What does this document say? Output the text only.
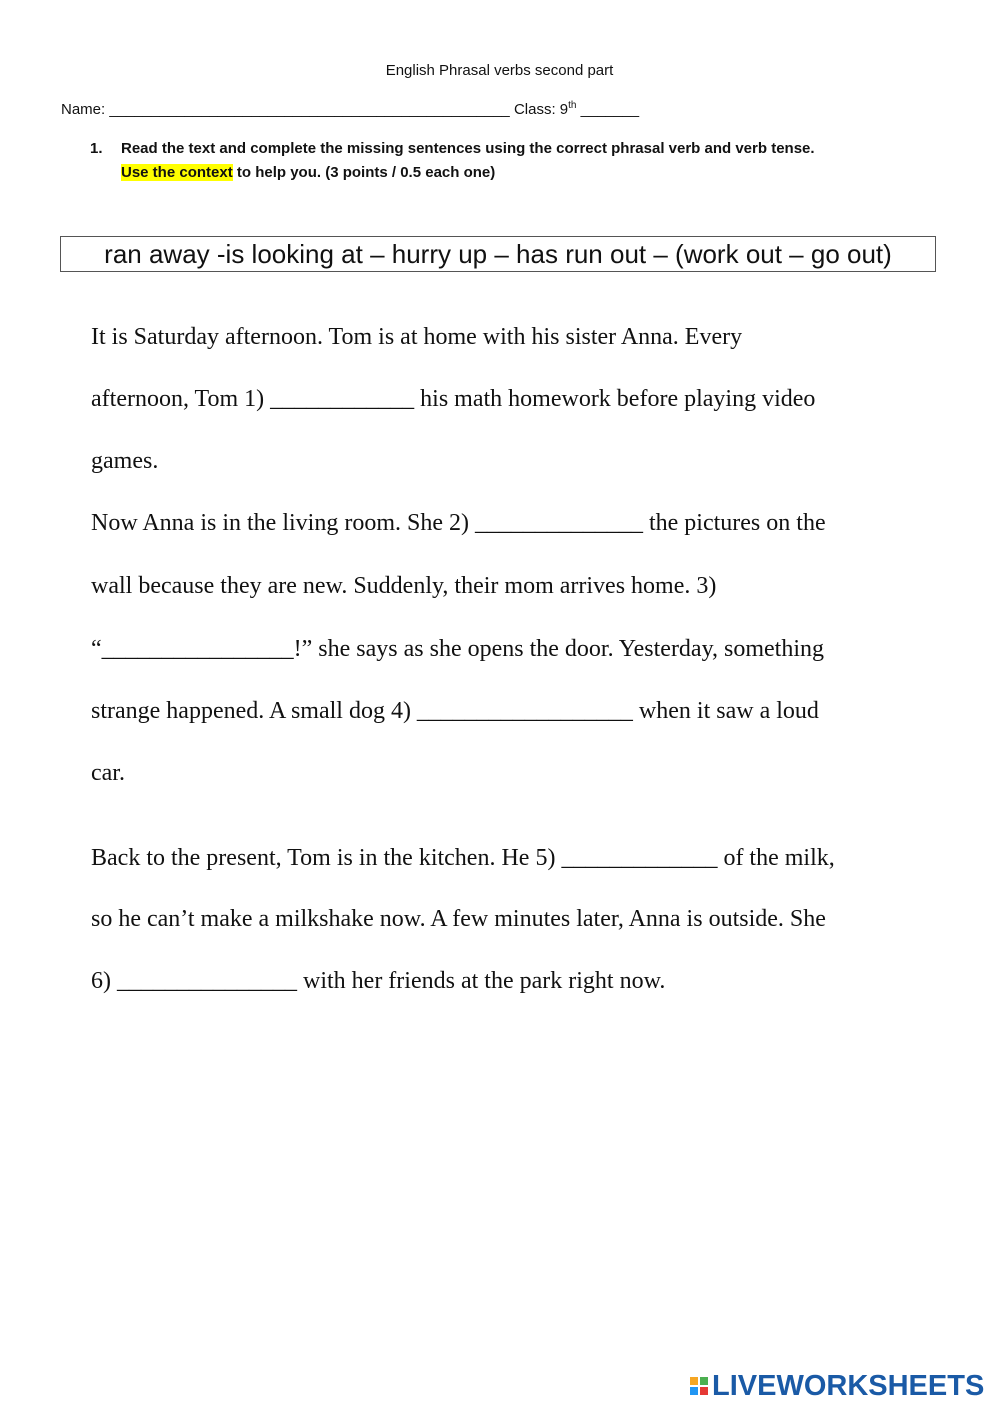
English Phrasal verbs second part
Name: ________________________________________________ Class: 9th _______
1. Read the text and complete the missing sentences using the correct phrasal verb and verb tense.
Use the context to help you. (3 points / 0.5 each one)
ran away -is looking at – hurry up – has run out – (work out – go out)
It is Saturday afternoon. Tom is at home with his sister Anna. Every
afternoon, Tom 1) ____________ his math homework before playing video
games.
Now Anna is in the living room. She 2) ______________ the pictures on the
wall because they are new. Suddenly, their mom arrives home. 3)
“________________!” she says as she opens the door. Yesterday, something
strange happened. A small dog 4) __________________ when it saw a loud
car.
Back to the present, Tom is in the kitchen. He 5) _____________ of the milk,
so he can’t make a milkshake now. A few minutes later, Anna is outside. She
6) _______________ with her friends at the park right now.
LIVEWORKSHEETS
